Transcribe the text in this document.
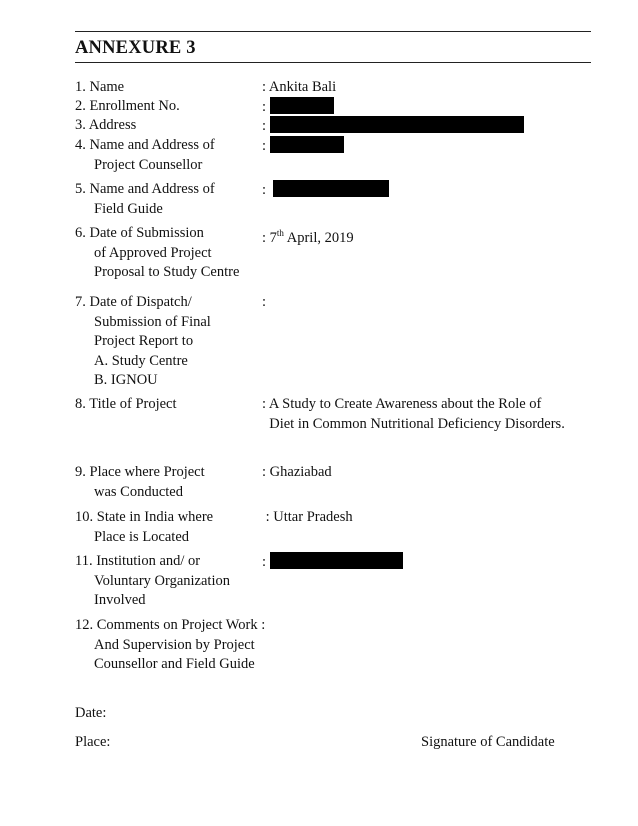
ANNEXURE 3
1. Name	: Ankita Bali
2. Enrollment No.	:
3. Address	:
4. Name and Address of
Project Counsellor
:
5. Name and Address of
Field Guide
:
6. Date of Submission
of Approved Project
Proposal to Study Centre
: 7th April, 2019
7. Date of Dispatch/
Submission of Final
Project Report to
A. Study Centre
B. IGNOU
:
8. Title of Project	: A Study to Create Awareness about the Role of
Diet in Common Nutritional Deficiency Disorders.
9. Place where Project
was Conducted
: Ghaziabad
10. State in India where
Place is Located
: Uttar Pradesh
11. Institution and/ or
Voluntary Organization
Involved
:
12. Comments on Project Work :
And Supervision by Project
Counsellor and Field Guide
Date:
Place:	Signature of Candidate
